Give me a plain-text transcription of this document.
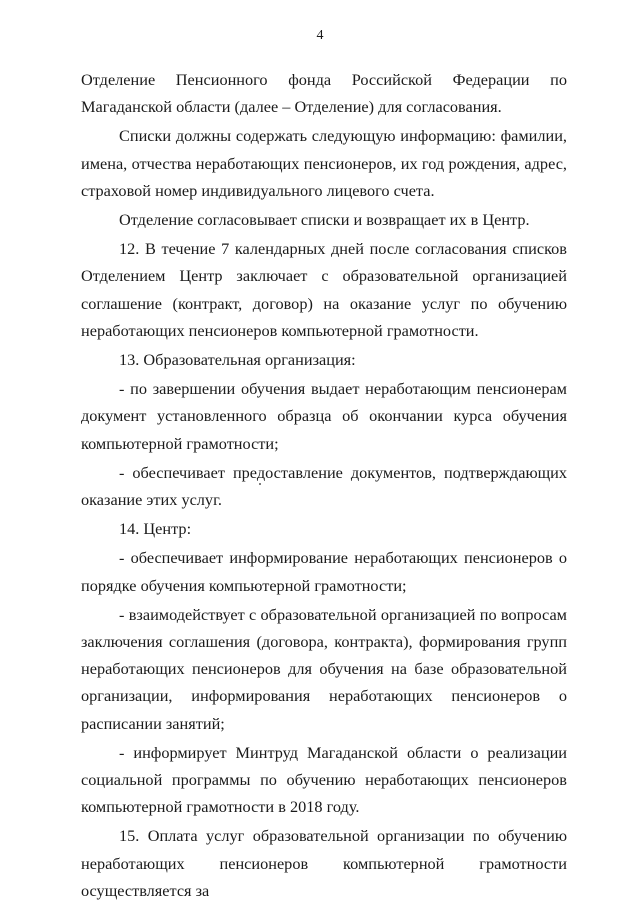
4

Отделение Пенсионного фонда Российской Федерации по Магаданской области (далее – Отделение) для согласования.

Списки должны содержать следующую информацию: фамилии, имена, отчества неработающих пенсионеров, их год рождения, адрес, страховой номер индивидуального лицевого счета.

Отделение согласовывает списки и возвращает их в Центр.

12. В течение 7 календарных дней после согласования списков Отделением Центр заключает с образовательной организацией соглашение (контракт, договор) на оказание услуг по обучению неработающих пенсионеров компьютерной грамотности.

13. Образовательная организация:

- по завершении обучения выдает неработающим пенсионерам документ установленного образца об окончании курса обучения компьютерной грамотности;

- обеспечивает предоставление документов, подтверждающих оказание этих услуг.

14. Центр:

- обеспечивает информирование неработающих пенсионеров о порядке обучения компьютерной грамотности;

- взаимодействует с образовательной организацией по вопросам заключения соглашения (договора, контракта), формирования групп неработающих пенсионеров для обучения на базе образовательной организации, информирования неработающих пенсионеров о расписании занятий;

- информирует Минтруд Магаданской области о реализации социальной программы по обучению неработающих пенсионеров компьютерной грамотности в 2018 году.

15. Оплата услуг образовательной организации по обучению неработающих пенсионеров компьютерной грамотности осуществляется за
